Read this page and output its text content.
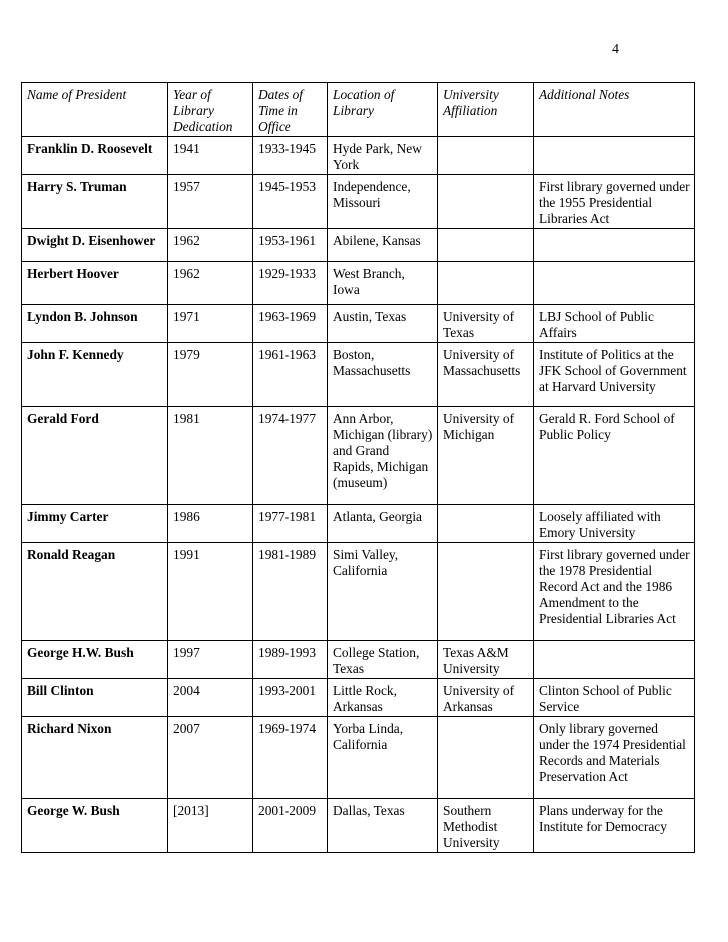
4
Name of President	Year of Library Dedication	Dates of Time in Office	Location of Library	University Affiliation	Additional Notes
Franklin D. Roosevelt	1941	1933-1945	Hyde Park, New York		
Harry S. Truman	1957	1945-1953	Independence, Missouri		First library governed under the 1955 Presidential Libraries Act
Dwight D. Eisenhower	1962	1953-1961	Abilene, Kansas		
Herbert Hoover	1962	1929-1933	West Branch, Iowa		
Lyndon B. Johnson	1971	1963-1969	Austin, Texas	University of Texas	LBJ School of Public Affairs
John F. Kennedy	1979	1961-1963	Boston, Massachusetts	University of Massachusetts	Institute of Politics at the JFK School of Government at Harvard University
Gerald Ford	1981	1974-1977	Ann Arbor, Michigan (library) and Grand Rapids, Michigan (museum)	University of Michigan	Gerald R. Ford School of Public Policy
Jimmy Carter	1986	1977-1981	Atlanta, Georgia		Loosely affiliated with Emory University
Ronald Reagan	1991	1981-1989	Simi Valley, California		First library governed under the 1978 Presidential Record Act and the 1986 Amendment to the Presidential Libraries Act
George H.W. Bush	1997	1989-1993	College Station, Texas	Texas A&M University	
Bill Clinton	2004	1993-2001	Little Rock, Arkansas	University of Arkansas	Clinton School of Public Service
Richard Nixon	2007	1969-1974	Yorba Linda, California		Only library governed under the 1974 Presidential Records and Materials Preservation Act
George W. Bush	[2013]	2001-2009	Dallas, Texas	Southern Methodist University	Plans underway for the Institute for Democracy
